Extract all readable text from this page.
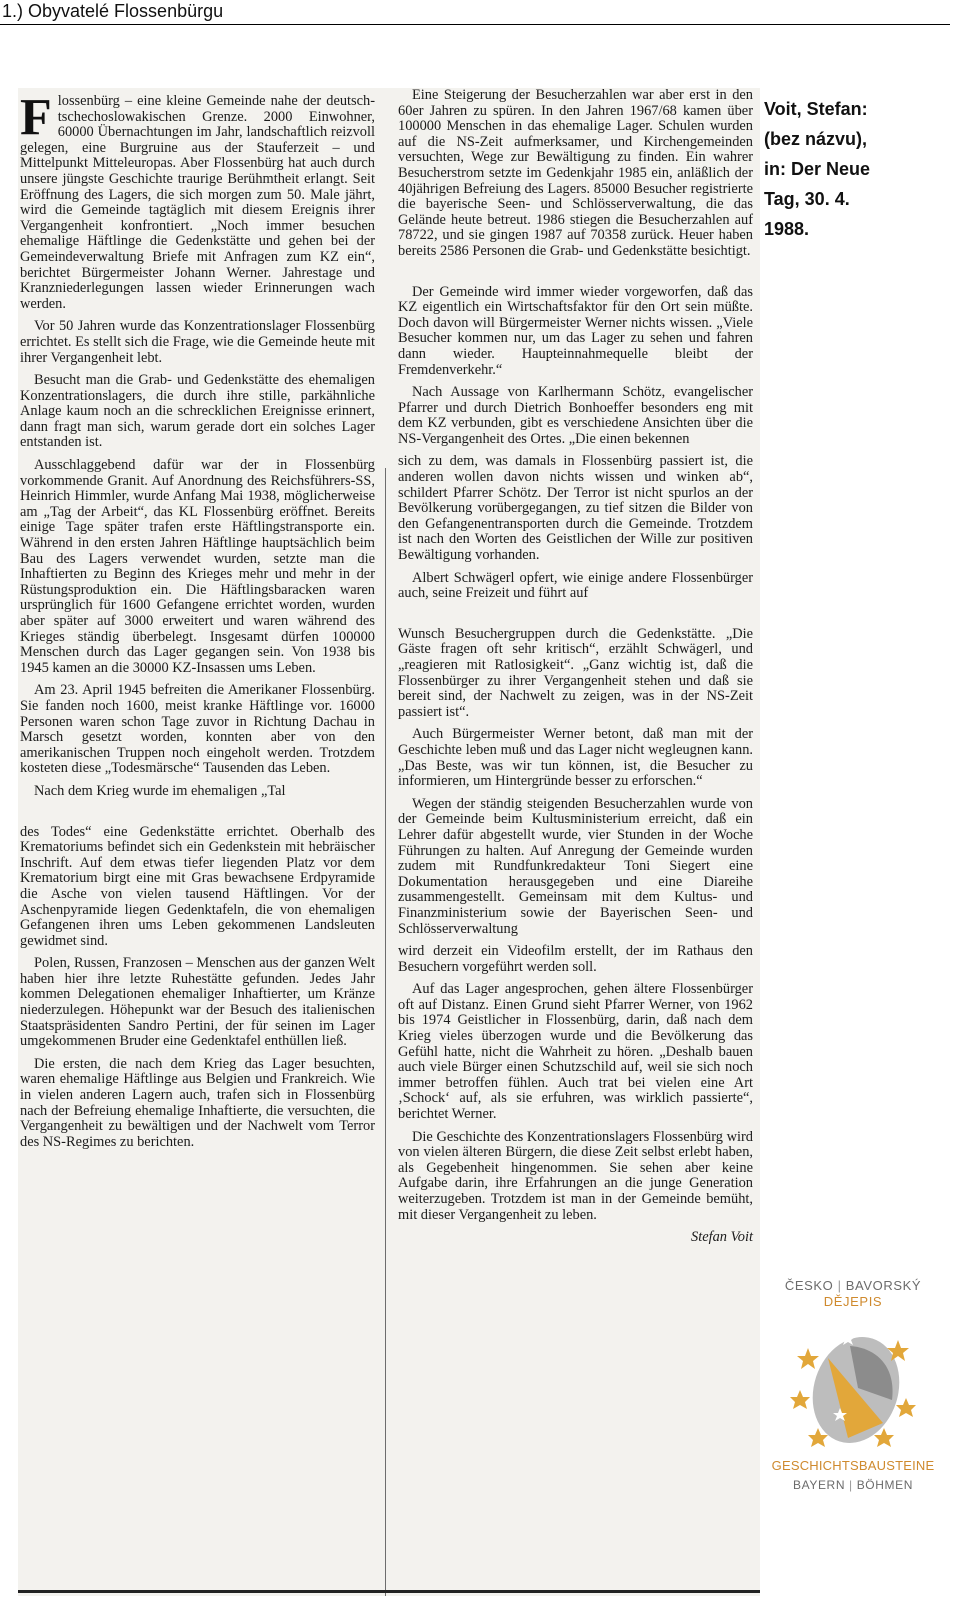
1.) Obyvatelé Flossenbürgu

Flossenbürg – eine kleine Gemeinde nahe der deutsch-tschechoslowakischen Grenze. 2000 Einwohner, 60000 Übernachtungen im Jahr, landschaftlich reizvoll gelegen, eine Burgruine aus der Stauferzeit – und Mittelpunkt Mitteleuropas. Aber Flossenbürg hat auch durch unsere jüngste Geschichte traurige Berühmtheit erlangt. Seit Eröffnung des Lagers, die sich morgen zum 50. Male jährt, wird die Gemeinde tagtäglich mit diesem Ereignis ihrer Vergangenheit konfrontiert. „Noch immer besuchen ehemalige Häftlinge die Gedenkstätte und gehen bei der Gemeindeverwaltung Briefe mit Anfragen zum KZ ein“, berichtet Bürgermeister Johann Werner. Jahrestage und Kranzniederlegungen lassen wieder Erinnerungen wach werden.

Vor 50 Jahren wurde das Konzentrationslager Flossenbürg errichtet. Es stellt sich die Frage, wie die Gemeinde heute mit ihrer Vergangenheit lebt.

Besucht man die Grab- und Gedenkstätte des ehemaligen Konzentrationslagers, die durch ihre stille, parkähnliche Anlage kaum noch an die schrecklichen Ereignisse erinnert, dann fragt man sich, warum gerade dort ein solches Lager entstanden ist.

Ausschlaggebend dafür war der in Flossenbürg vorkommende Granit. Auf Anordnung des Reichsführers-SS, Heinrich Himmler, wurde Anfang Mai 1938, möglicherweise am „Tag der Arbeit“, das KL Flossenbürg eröffnet. Bereits einige Tage später trafen erste Häftlingstransporte ein. Während in den ersten Jahren Häftlinge hauptsächlich beim Bau des Lagers verwendet wurden, setzte man die Inhaftierten zu Beginn des Krieges mehr und mehr in der Rüstungsproduktion ein. Die Häftlingsbaracken waren ursprünglich für 1600 Gefangene errichtet worden, wurden aber später auf 3000 erweitert und waren während des Krieges ständig überbelegt. Insgesamt dürfen 100000 Menschen durch das Lager gegangen sein. Von 1938 bis 1945 kamen an die 30000 KZ-Insassen ums Leben.

Am 23. April 1945 befreiten die Amerikaner Flossenbürg. Sie fanden noch 1600, meist kranke Häftlinge vor. 16000 Personen waren schon Tage zuvor in Richtung Dachau in Marsch gesetzt worden, konnten aber von den amerikanischen Truppen noch eingeholt werden. Trotzdem kosteten diese „Todesmärsche“ Tausenden das Leben.

Nach dem Krieg wurde im ehemaligen „Tal

des Todes“ eine Gedenkstätte errichtet. Oberhalb des Krematoriums befindet sich ein Gedenkstein mit hebräischer Inschrift. Auf dem etwas tiefer liegenden Platz vor dem Krematorium birgt eine mit Gras bewachsene Erdpyramide die Asche von vielen tausend Häftlingen. Vor der Aschenpyramide liegen Gedenktafeln, die von ehemaligen Gefangenen ihren ums Leben gekommenen Landsleuten gewidmet sind.

Polen, Russen, Franzosen – Menschen aus der ganzen Welt haben hier ihre letzte Ruhestätte gefunden. Jedes Jahr kommen Delegationen ehemaliger Inhaftierter, um Kränze niederzulegen. Höhepunkt war der Besuch des italienischen Staatspräsidenten Sandro Pertini, der für seinen im Lager umgekommenen Bruder eine Gedenktafel enthüllen ließ.

Die ersten, die nach dem Krieg das Lager besuchten, waren ehemalige Häftlinge aus Belgien und Frankreich. Wie in vielen anderen Lagern auch, trafen sich in Flossenbürg nach der Befreiung ehemalige Inhaftierte, die versuchten, die Vergangenheit zu bewältigen und der Nachwelt vom Terror des NS-Regimes zu berichten.

Eine Steigerung der Besucherzahlen war aber erst in den 60er Jahren zu spüren. In den Jahren 1967/68 kamen über 100000 Menschen in das ehemalige Lager. Schulen wurden auf die NS-Zeit aufmerksamer, und Kirchengemeinden versuchten, Wege zur Bewältigung zu finden. Ein wahrer Besucherstrom setzte im Gedenkjahr 1985 ein, anläßlich der 40jährigen Befreiung des Lagers. 85000 Besucher registrierte die bayerische Seen- und Schlösserverwaltung, die das Gelände heute betreut. 1986 stiegen die Besucherzahlen auf 78722, und sie gingen 1987 auf 70358 zurück. Heuer haben bereits 2586 Personen die Grab- und Gedenkstätte besichtigt.

Der Gemeinde wird immer wieder vorgeworfen, daß das KZ eigentlich ein Wirtschaftsfaktor für den Ort sein müßte. Doch davon will Bürgermeister Werner nichts wissen. „Viele Besucher kommen nur, um das Lager zu sehen und fahren dann wieder. Haupteinnahmequelle bleibt der Fremdenverkehr.“

Nach Aussage von Karlhermann Schötz, evangelischer Pfarrer und durch Dietrich Bonhoeffer besonders eng mit dem KZ verbunden, gibt es verschiedene Ansichten über die NS-Vergangenheit des Ortes. „Die einen bekennen

sich zu dem, was damals in Flossenbürg passiert ist, die anderen wollen davon nichts wissen und winken ab“, schildert Pfarrer Schötz. Der Terror ist nicht spurlos an der Bevölkerung vorübergegangen, zu tief sitzen die Bilder von den Gefangenentransporten durch die Gemeinde. Trotzdem ist nach den Worten des Geistlichen der Wille zur positiven Bewältigung vorhanden.

Albert Schwägerl opfert, wie einige andere Flossenbürger auch, seine Freizeit und führt auf

Wunsch Besuchergruppen durch die Gedenkstätte. „Die Gäste fragen oft sehr kritisch“, erzählt Schwägerl, und „reagieren mit Ratlosigkeit“. „Ganz wichtig ist, daß die Flossenbürger zu ihrer Vergangenheit stehen und daß sie bereit sind, der Nachwelt zu zeigen, was in der NS-Zeit passiert ist“.

Auch Bürgermeister Werner betont, daß man mit der Geschichte leben muß und das Lager nicht wegleugnen kann. „Das Beste, was wir tun können, ist, die Besucher zu informieren, um Hintergründe besser zu erforschen.“

Wegen der ständig steigenden Besucherzahlen wurde von der Gemeinde beim Kultusministerium erreicht, daß ein Lehrer dafür abgestellt wurde, vier Stunden in der Woche Führungen zu halten. Auf Anregung der Gemeinde wurden zudem mit Rundfunkredakteur Toni Siegert eine Dokumentation herausgegeben und eine Diareihe zusammengestellt. Gemeinsam mit dem Kultus- und Finanzministerium sowie der Bayerischen Seen- und Schlösserverwaltung

wird derzeit ein Videofilm erstellt, der im Rathaus den Besuchern vorgeführt werden soll.

Auf das Lager angesprochen, gehen ältere Flossenbürger oft auf Distanz. Einen Grund sieht Pfarrer Werner, von 1962 bis 1974 Geistlicher in Flossenbürg, darin, daß nach dem Krieg vieles überzogen wurde und die Bevölkerung das Gefühl hatte, nicht die Wahrheit zu hören. „Deshalb bauen auch viele Bürger einen Schutzschild auf, weil sie sich noch immer betroffen fühlen. Auch trat bei vielen eine Art ‚Schock‘ auf, als sie erfuhren, was wirklich passierte“, berichtet Werner.

Die Geschichte des Konzentrationslagers Flossenbürg wird von vielen älteren Bürgern, die diese Zeit selbst erlebt haben, als Gegebenheit hingenommen. Sie sehen aber keine Aufgabe darin, ihre Erfahrungen an die junge Generation weiterzugeben. Trotzdem ist man in der Gemeinde bemüht, mit dieser Vergangenheit zu leben.

Stefan Voit

Voit, Stefan:
(bez názvu),
in: Der Neue
Tag, 30. 4.
1988.
ČESKO | BAVORSKÝ
DĚJEPIS
GESCHICHTSBAUSTEINE
BAYERN | BÖHMEN
